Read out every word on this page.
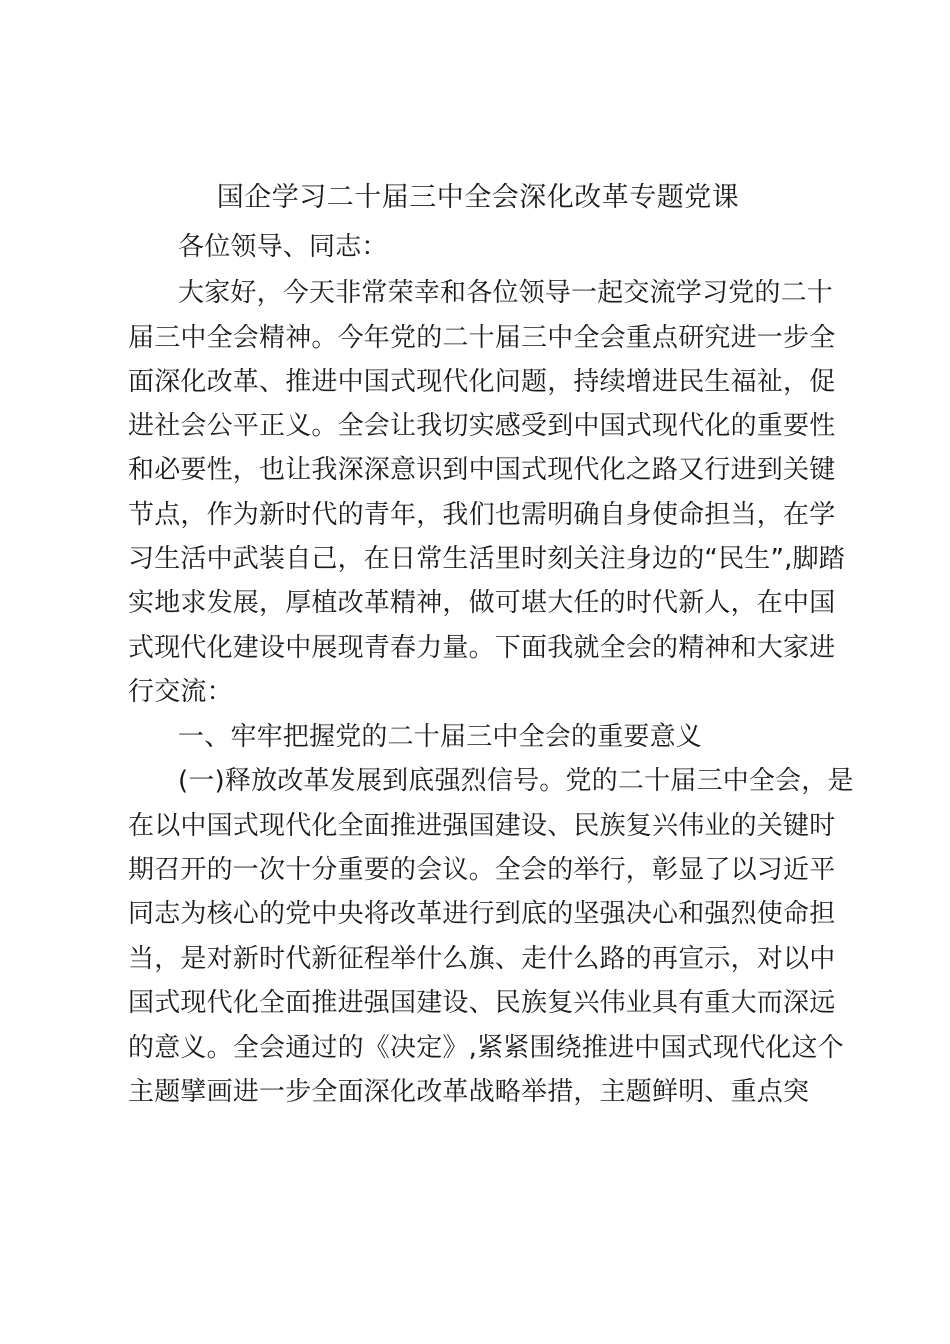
国企学习二十届三中全会深化改革专题党课
各位领导、同志：
大家好，今天非常荣幸和各位领导一起交流学习党的二十
届三中全会精神。今年党的二十届三中全会重点研究进一步全
面深化改革、推进中国式现代化问题，持续增进民生福祉，促
进社会公平正义。全会让我切实感受到中国式现代化的重要性
和必要性，也让我深深意识到中国式现代化之路又行进到关键
节点，作为新时代的青年，我们也需明确自身使命担当，在学
习生活中武装自己，在日常生活里时刻关注身边的“民生”,脚踏
实地求发展，厚植改革精神，做可堪大任的时代新人，在中国
式现代化建设中展现青春力量。下面我就全会的精神和大家进
行交流：
一、牢牢把握党的二十届三中全会的重要意义
(一)释放改革发展到底强烈信号。党的二十届三中全会，是
在以中国式现代化全面推进强国建设、民族复兴伟业的关键时
期召开的一次十分重要的会议。全会的举行，彰显了以习近平
同志为核心的党中央将改革进行到底的坚强决心和强烈使命担
当，是对新时代新征程举什么旗、走什么路的再宣示，对以中
国式现代化全面推进强国建设、民族复兴伟业具有重大而深远
的意义。全会通过的《决定》,紧紧围绕推进中国式现代化这个
主题擘画进一步全面深化改革战略举措，主题鲜明、重点突
